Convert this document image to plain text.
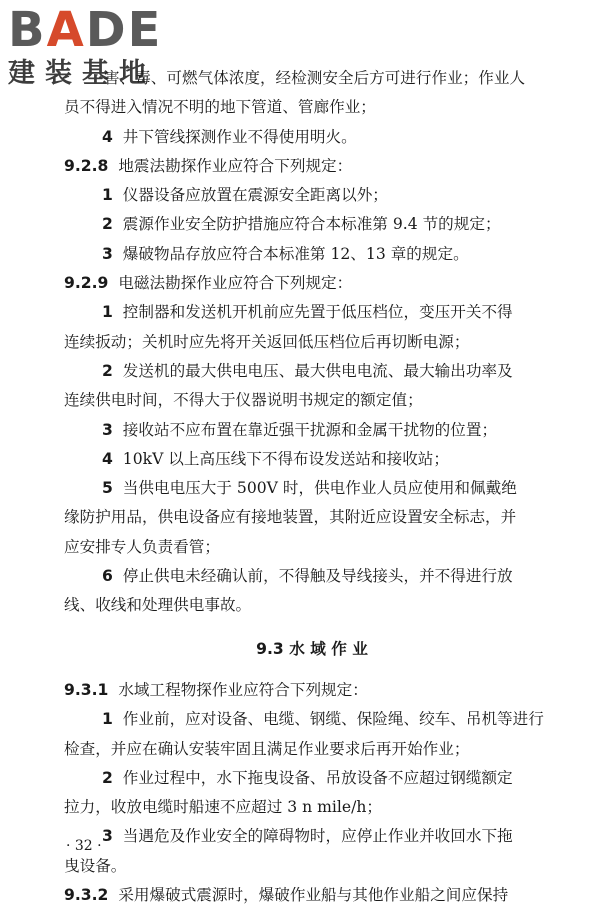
BADE
建装基地
害、毒、可燃气体浓度，经检测安全后方可进行作业；作业人
员不得进入情况不明的地下管道、管廊作业；
4 井下管线探测作业不得使用明火。
9.2.8 地震法勘探作业应符合下列规定：
1 仪器设备应放置在震源安全距离以外；
2 震源作业安全防护措施应符合本标准第 9.4 节的规定；
3 爆破物品存放应符合本标准第 12、13 章的规定。
9.2.9 电磁法勘探作业应符合下列规定：
1 控制器和发送机开机前应先置于低压档位，变压开关不得
连续扳动；关机时应先将开关返回低压档位后再切断电源；
2 发送机的最大供电电压、最大供电电流、最大输出功率及
连续供电时间，不得大于仪器说明书规定的额定值；
3 接收站不应布置在靠近强干扰源和金属干扰物的位置；
4 10kV 以上高压线下不得布设发送站和接收站；
5 当供电电压大于 500V 时，供电作业人员应使用和佩戴绝
缘防护用品，供电设备应有接地装置，其附近应设置安全标志，并
应安排专人负责看管；
6 停止供电未经确认前，不得触及导线接头，并不得进行放
线、收线和处理供电事故。
9.3 水 域 作 业
9.3.1 水域工程物探作业应符合下列规定：
1 作业前，应对设备、电缆、钢缆、保险绳、绞车、吊机等进行
检查，并应在确认安装牢固且满足作业要求后再开始作业；
2 作业过程中，水下拖曳设备、吊放设备不应超过钢缆额定
拉力，收放电缆时船速不应超过 3 n mile/h；
3 当遇危及作业安全的障碍物时，应停止作业并收回水下拖
曳设备。
9.3.2 采用爆破式震源时，爆破作业船与其他作业船之间应保持
· 32 ·
